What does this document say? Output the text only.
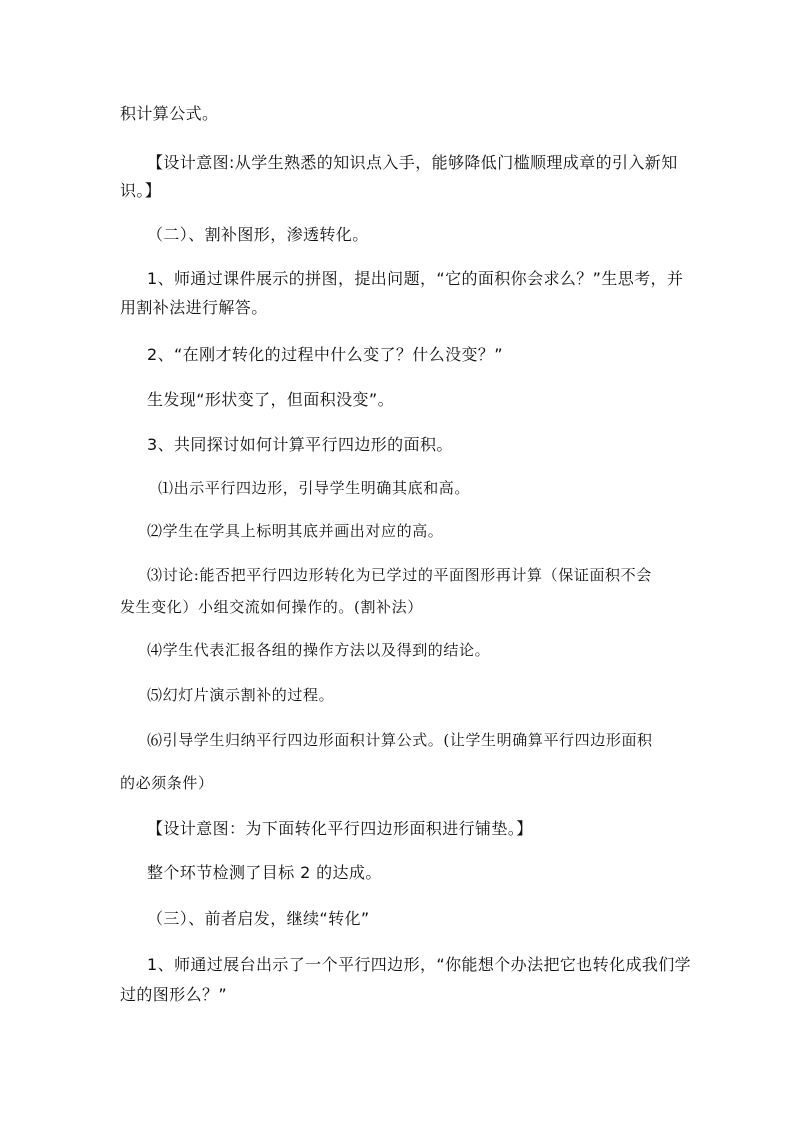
积计算公式。
【设计意图:从学生熟悉的知识点入手，能够降低门槛顺理成章的引入新知
识。】
（二）、割补图形，渗透转化。
1、师通过课件展示的拼图，提出问题，“它的面积你会求么？”生思考，并
用割补法进行解答。
2、“在刚才转化的过程中什么变了？什么没变？”
生发现“形状变了，但面积没变”。
3、共同探讨如何计算平行四边形的面积。
⑴出示平行四边形，引导学生明确其底和高。
⑵学生在学具上标明其底并画出对应的高。
⑶讨论:能否把平行四边形转化为已学过的平面图形再计算（保证面积不会
发生变化）小组交流如何操作的。(割补法）
⑷学生代表汇报各组的操作方法以及得到的结论。
⑸幻灯片演示割补的过程。
⑹引导学生归纳平行四边形面积计算公式。(让学生明确算平行四边形面积
的必须条件）
【设计意图：为下面转化平行四边形面积进行铺垫。】
整个环节检测了目标 2 的达成。
（三）、前者启发，继续“转化”
1、师通过展台出示了一个平行四边形，“你能想个办法把它也转化成我们学
过的图形么？”
